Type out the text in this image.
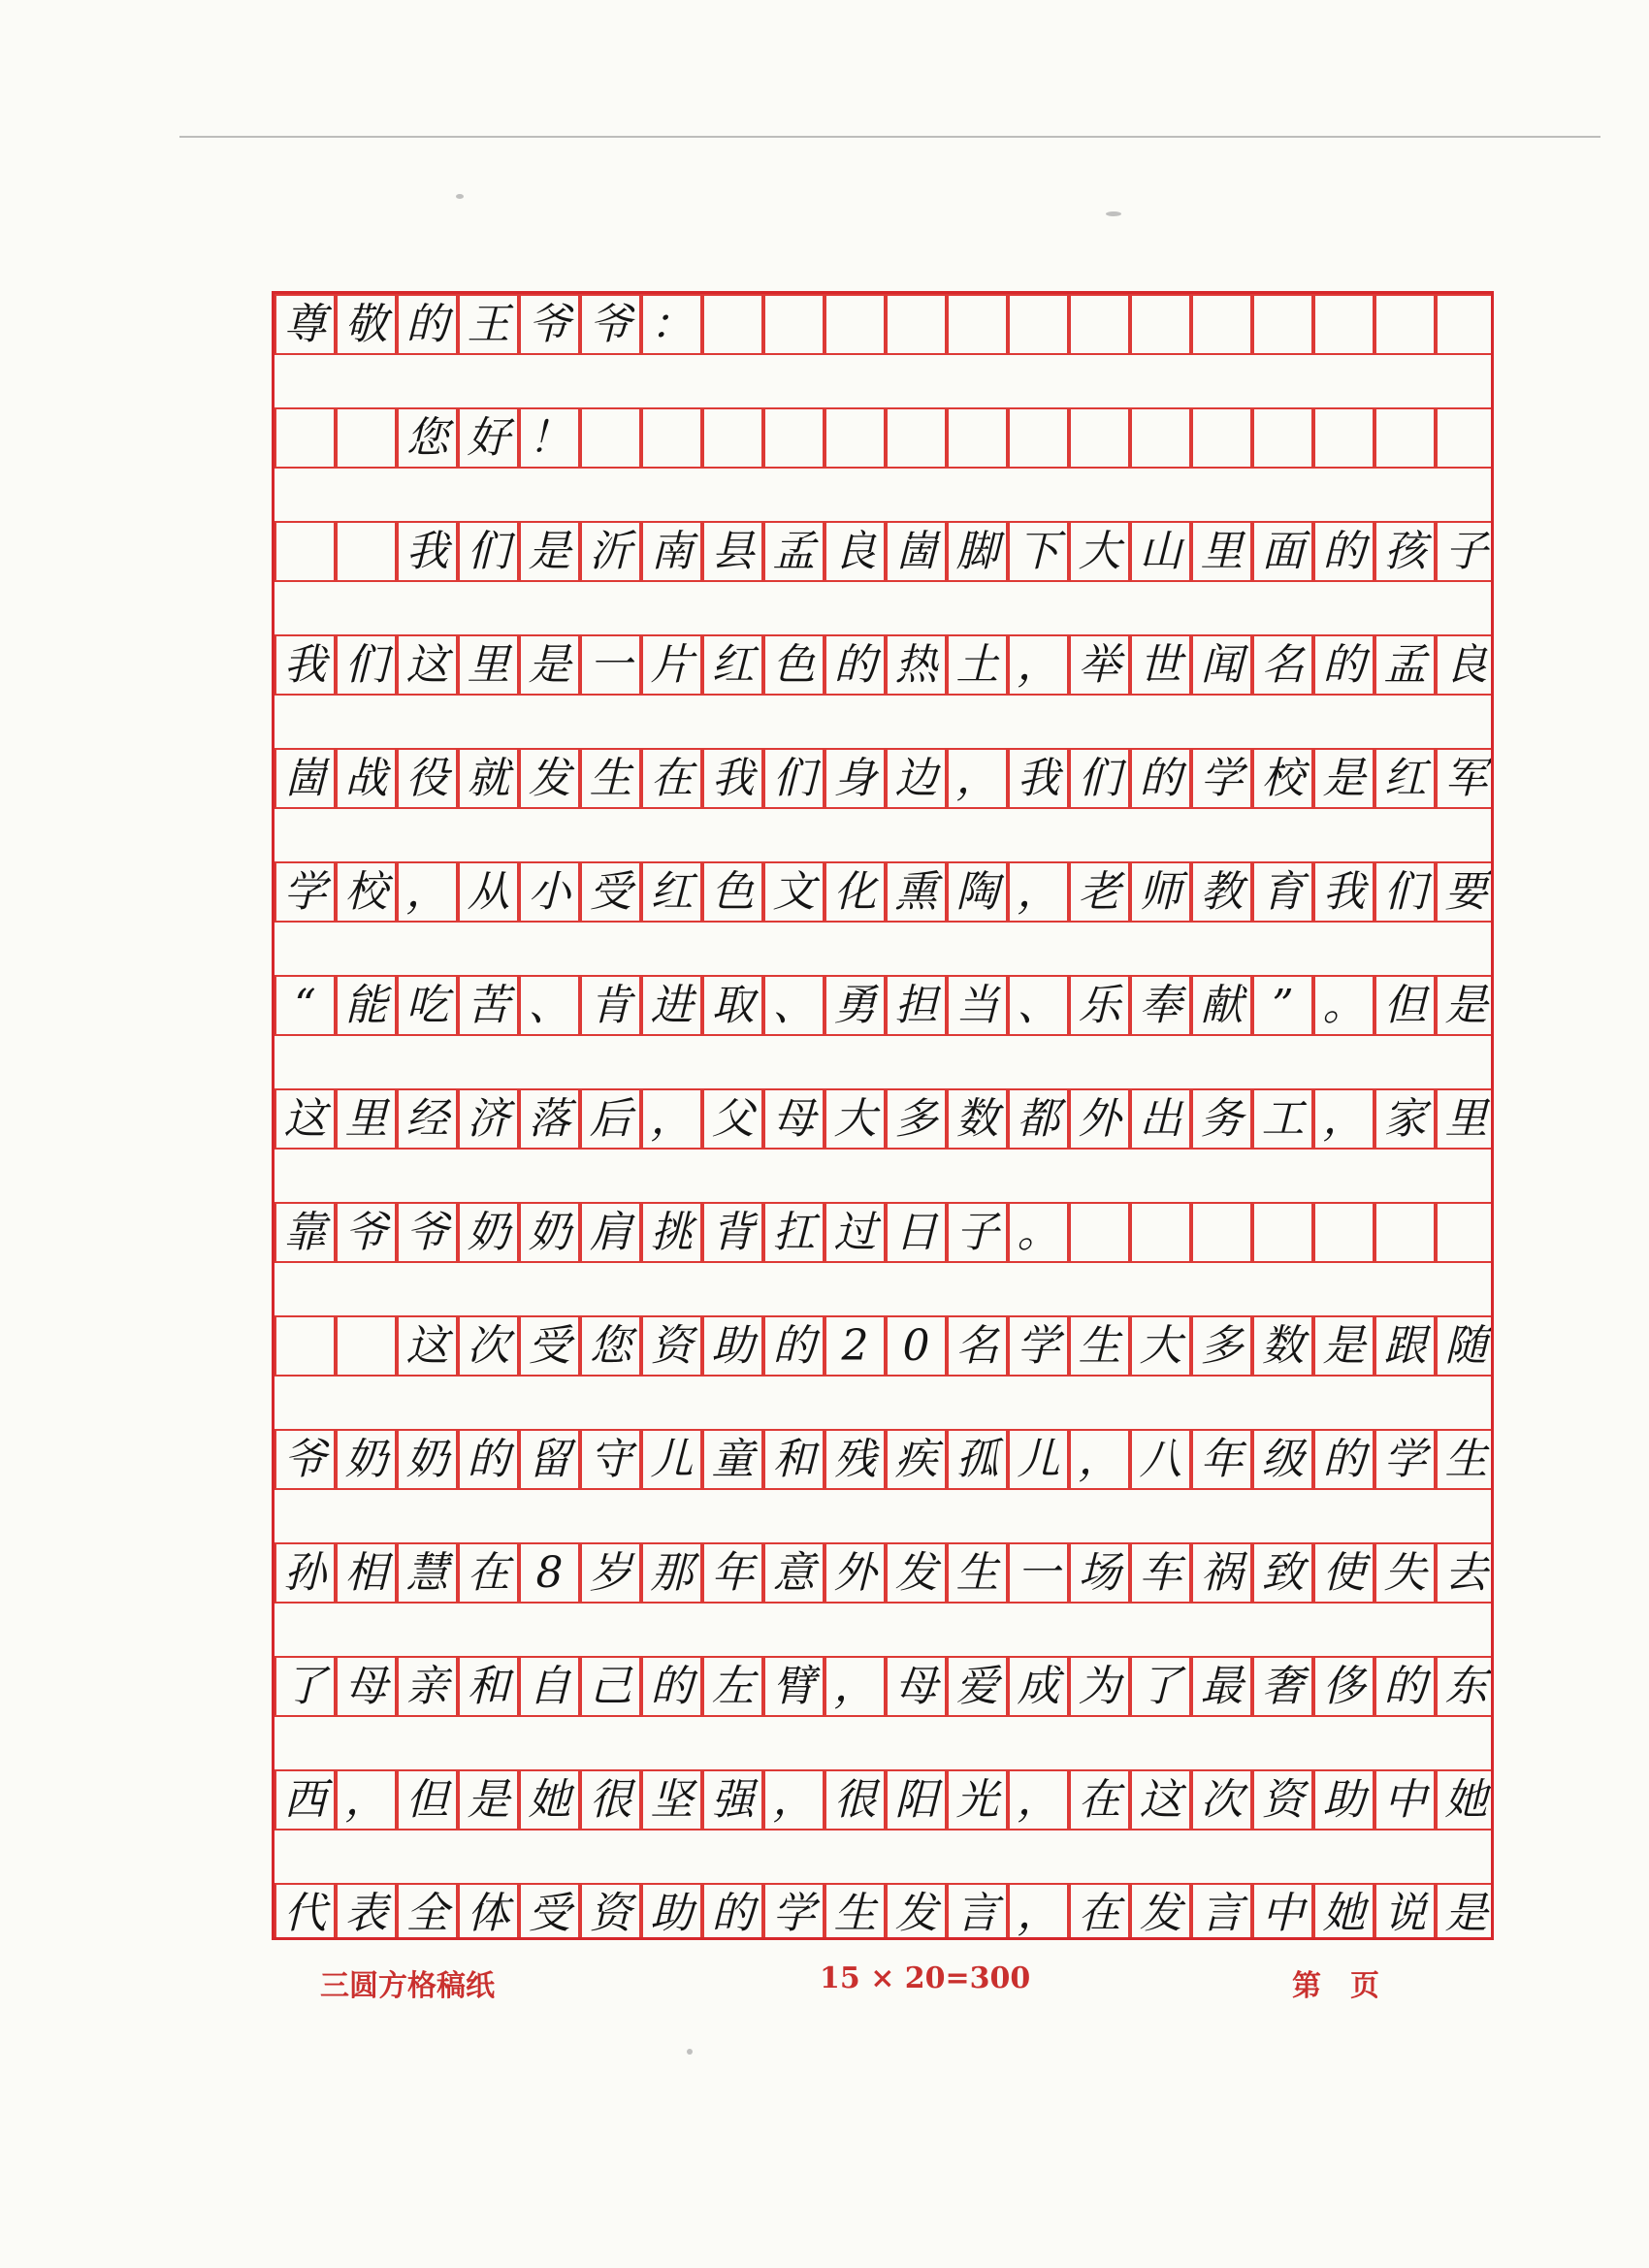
尊 敬 的 王 爷 爷 ：
您 好 ！
我 们 是 沂 南 县 孟 良 崮 脚 下 大 山 里 面 的 孩 子
我 们 这 里 是 一 片 红 色 的 热 土 ， 举 世 闻 名 的 孟 良
崮 战 役 就 发 生 在 我 们 身 边 ， 我 们 的 学 校 是 红 军
学 校 ， 从 小 受 红 色 文 化 熏 陶 ， 老 师 教 育 我 们 要
“ 能 吃 苦 、 肯 进 取 、 勇 担 当 、 乐 奉 献 ” 。 但 是
这 里 经 济 落 后 ， 父 母 大 多 数 都 外 出 务 工 ， 家 里
靠 爷 爷 奶 奶 肩 挑 背 扛 过 日 子 。
这 次 受 您 资 助 的 2 0 名 学 生 大 多 数 是 跟 随
爷 奶 奶 的 留 守 儿 童 和 残 疾 孤 儿 ， 八 年 级 的 学 生
孙 相 慧 在 8 岁 那 年 意 外 发 生 一 场 车 祸 致 使 失 去
了 母 亲 和 自 己 的 左 臂 ， 母 爱 成 为 了 最 奢 侈 的 东
西 ， 但 是 她 很 坚 强 ， 很 阳 光 ， 在 这 次 资 助 中 她
代 表 全 体 受 资 助 的 学 生 发 言 ， 在 发 言 中 她 说 是
三圆方格稿纸	15 × 20=300	第　页
